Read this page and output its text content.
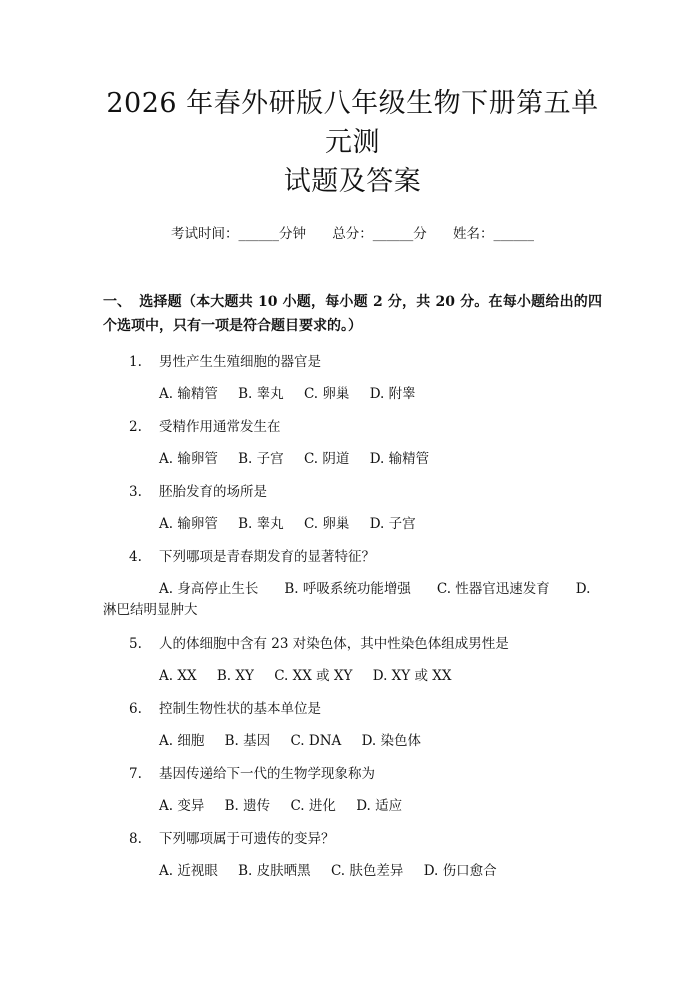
2026 年春外研版八年级生物下册第五单元测
试题及答案
考试时间：______分钟 总分：______分 姓名：______
一、 选择题（本大题共 10 小题，每小题 2 分，共 20 分。在每小题给出的四个选项中，只有一项是符合题目要求的。）
1. 男性产生生殖细胞的器官是
A. 输精管 B. 睾丸 C. 卵巢 D. 附睾
2. 受精作用通常发生在
A. 输卵管 B. 子宫 C. 阴道 D. 输精管
3. 胚胎发育的场所是
A. 输卵管 B. 睾丸 C. 卵巢 D. 子宫
4. 下列哪项是青春期发育的显著特征？
A. 身高停止生长 B. 呼吸系统功能增强 C. 性器官迅速发育 D. 淋巴结明显肿大
5. 人的体细胞中含有 23 对染色体，其中性染色体组成男性是
A. XX B. XY C. XX 或 XY D. XY 或 XX
6. 控制生物性状的基本单位是
A. 细胞 B. 基因 C. DNA D. 染色体
7. 基因传递给下一代的生物学现象称为
A. 变异 B. 遗传 C. 进化 D. 适应
8. 下列哪项属于可遗传的变异？
A. 近视眼 B. 皮肤晒黑 C. 肤色差异 D. 伤口愈合
